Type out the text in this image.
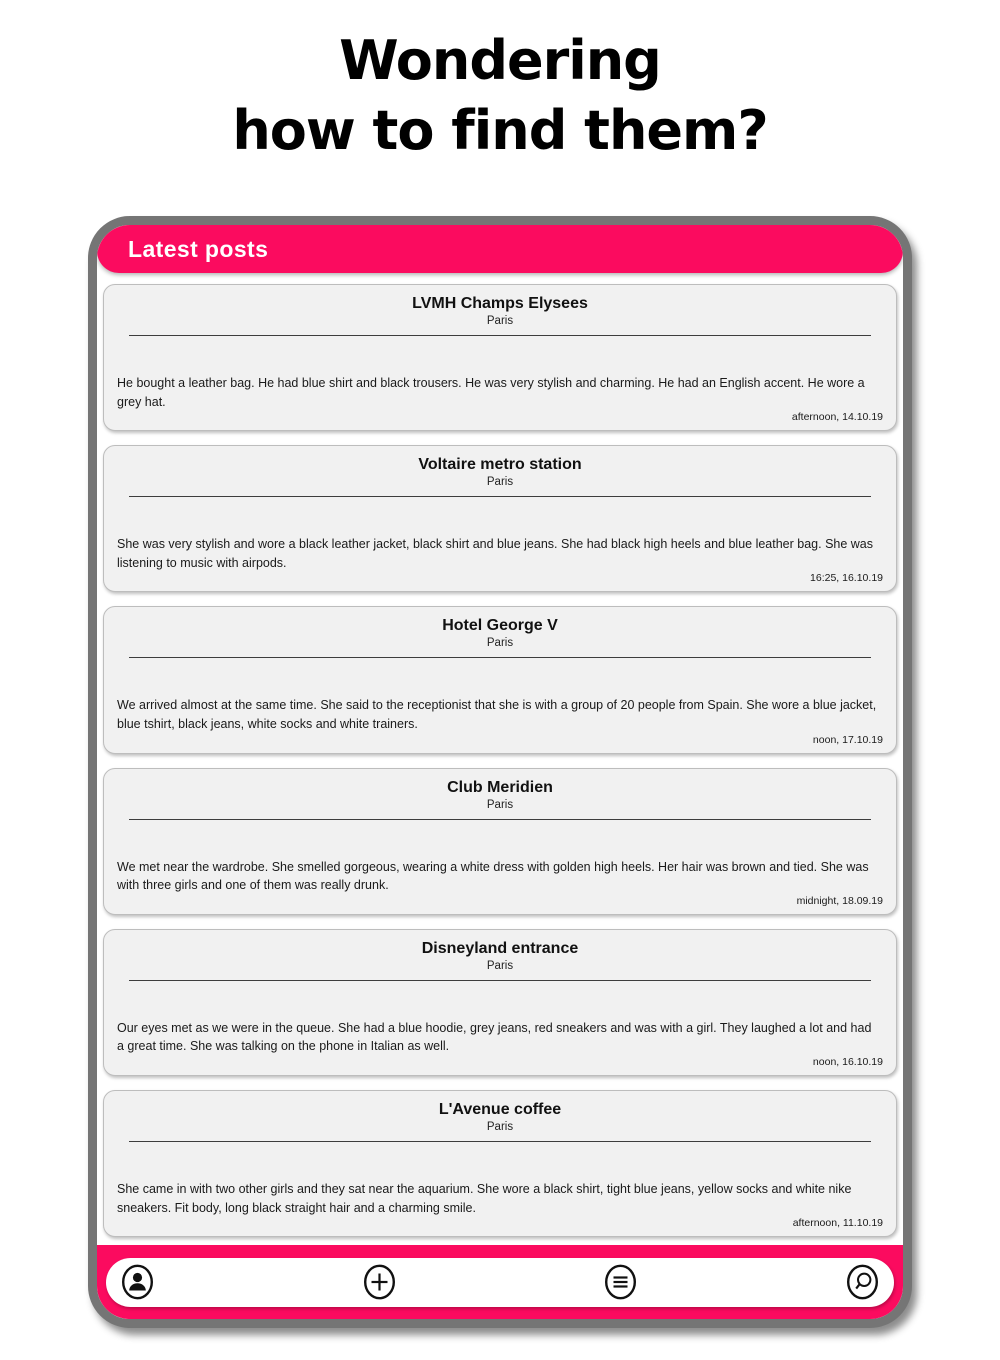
Wondering
how to find them?
Latest posts
LVMH Champs Elysees
Paris
He bought a leather bag. He had blue shirt and black trousers. He was very stylish and charming. He had an English accent. He wore a grey hat.
afternoon, 14.10.19
Voltaire metro station
Paris
She was very stylish and wore a black leather jacket, black shirt and blue jeans. She had black high heels and blue leather bag. She was listening to music with airpods.
16:25, 16.10.19
Hotel George V
Paris
We arrived almost at the same time. She said to the receptionist that she is with a group of 20 people from Spain. She wore a blue jacket, blue tshirt, black jeans, white socks and white trainers.
noon, 17.10.19
Club Meridien
Paris
We met near the wardrobe. She smelled gorgeous, wearing a white dress with golden high heels. Her hair was brown and tied. She was with three girls and one of them was really drunk.
midnight, 18.09.19
Disneyland entrance
Paris
Our eyes met as we were in the queue. She had a blue hoodie, grey jeans, red sneakers and was with a girl. They laughed a lot and had a great time. She was talking on the phone in Italian as well.
noon, 16.10.19
L'Avenue coffee
Paris
She came in with two other girls and they sat near the aquarium. She wore a black shirt, tight blue jeans, yellow socks and white nike sneakers. Fit body, long black straight hair and a charming smile.
afternoon, 11.10.19
